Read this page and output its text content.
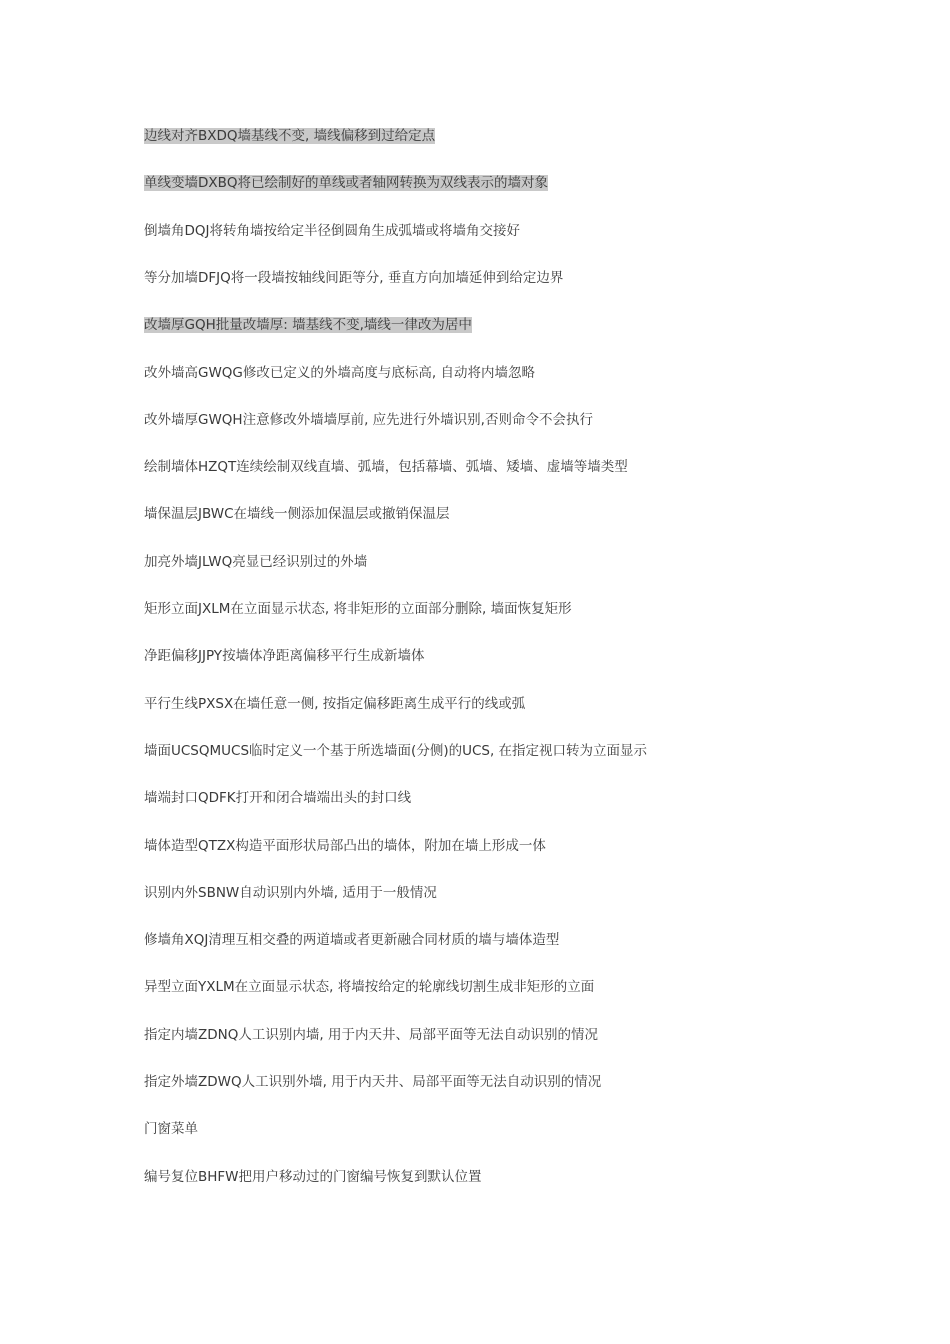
边线对齐BXDQ墙基线不变, 墙线偏移到过给定点
单线变墙DXBQ将已绘制好的单线或者轴网转换为双线表示的墙对象
倒墙角DQJ将转角墙按给定半径倒圆角生成弧墙或将墙角交接好
等分加墙DFJQ将一段墙按轴线间距等分, 垂直方向加墙延伸到给定边界
改墙厚GQH批量改墙厚: 墙基线不变,墙线一律改为居中
改外墙高GWQG修改已定义的外墙高度与底标高, 自动将内墙忽略
改外墙厚GWQH注意修改外墙墙厚前, 应先进行外墙识别,否则命令不会执行
绘制墙体HZQT连续绘制双线直墙、弧墙，包括幕墙、弧墙、矮墙、虚墙等墙类型
墙保温层JBWC在墙线一侧添加保温层或撤销保温层
加亮外墙JLWQ亮显已经识别过的外墙
矩形立面JXLM在立面显示状态, 将非矩形的立面部分删除, 墙面恢复矩形
净距偏移JJPY按墙体净距离偏移平行生成新墙体
平行生线PXSX在墙任意一侧, 按指定偏移距离生成平行的线或弧
墙面UCSQMUCS临时定义一个基于所选墙面(分侧)的UCS, 在指定视口转为立面显示
墙端封口QDFK打开和闭合墙端出头的封口线
墙体造型QTZX构造平面形状局部凸出的墙体，附加在墙上形成一体
识别内外SBNW自动识别内外墙, 适用于一般情况
修墙角XQJ清理互相交叠的两道墙或者更新融合同材质的墙与墙体造型
异型立面YXLM在立面显示状态, 将墙按给定的轮廓线切割生成非矩形的立面
指定内墙ZDNQ人工识别内墙, 用于内天井、局部平面等无法自动识别的情况
指定外墙ZDWQ人工识别外墙, 用于内天井、局部平面等无法自动识别的情况
门窗菜单
编号复位BHFW把用户移动过的门窗编号恢复到默认位置
